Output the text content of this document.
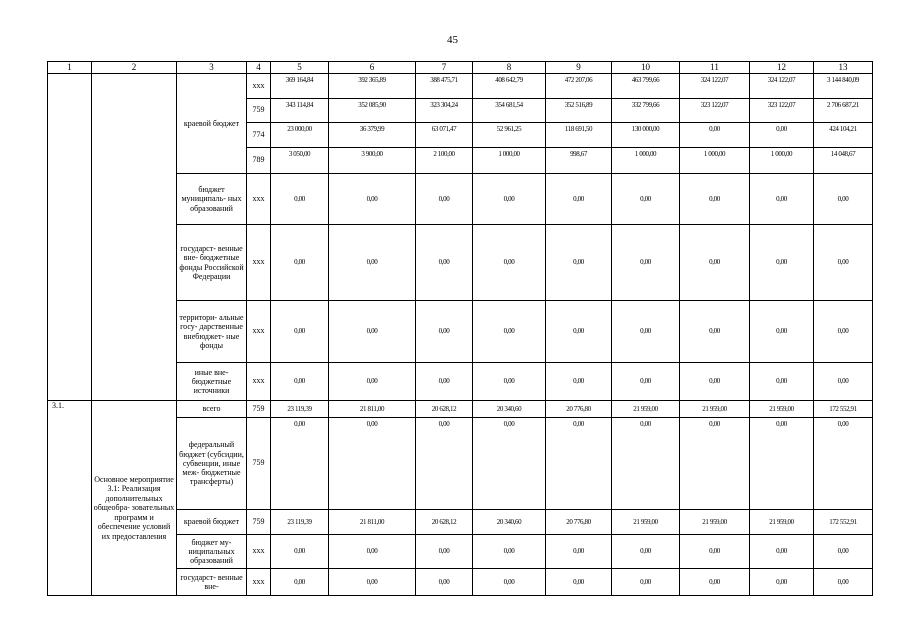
45
1	2	3	4	5	6	7	8	9	10	11	12	13
		краевой бюджет	xxx	369 164,84	392 365,89	388 475,71	408 642,79	472 207,06	463 799,66	324 122,07	324 122,07	3 144 840,09
			759	343 114,84	352 085,90	323 304,24	354 681,54	352 516,89	332 799,66	323 122,07	323 122,07	2 706 687,21
			774	23 000,00	36 379,99	63 071,47	52 961,25	118 691,50	130 000,00	0,00	0,00	424 104,21
			789	3 050,00	3 900,00	2 100,00	1 000,00	998,67	1 000,00	1 000,00	1 000,00	14 048,67
		бюджет муниципаль- ных образований	xxx	0,00	0,00	0,00	0,00	0,00	0,00	0,00	0,00	0,00
		государст- венные вне- бюджетные фонды Российской Федерации	xxx	0,00	0,00	0,00	0,00	0,00	0,00	0,00	0,00	0,00
		территори- альные госу- дарственные внебюджет- ные фонды	xxx	0,00	0,00	0,00	0,00	0,00	0,00	0,00	0,00	0,00
		иные вне- бюджетные источники	xxx	0,00	0,00	0,00	0,00	0,00	0,00	0,00	0,00	0,00
3.1.	Основное мероприятие 3.1: Реализация дополнительных общеобра- зовательных программ и обеспечение условий их предоставления	всего	759	23 119,39	21 811,00	20 628,12	20 340,60	20 776,80	21 959,00	21 959,00	21 959,00	172 552,91
		федеральный бюджет (субсидии, субвенции, иные меж- бюджетные трансферты)	759	0,00	0,00	0,00	0,00	0,00	0,00	0,00	0,00	0,00
		краевой бюджет	759	23 119,39	21 811,00	20 628,12	20 340,60	20 776,80	21 959,00	21 959,00	21 959,00	172 552,91
		бюджет му- ниципальных образований	xxx	0,00	0,00	0,00	0,00	0,00	0,00	0,00	0,00	0,00
		государст- венные вне-	xxx	0,00	0,00	0,00	0,00	0,00	0,00	0,00	0,00	0,00
